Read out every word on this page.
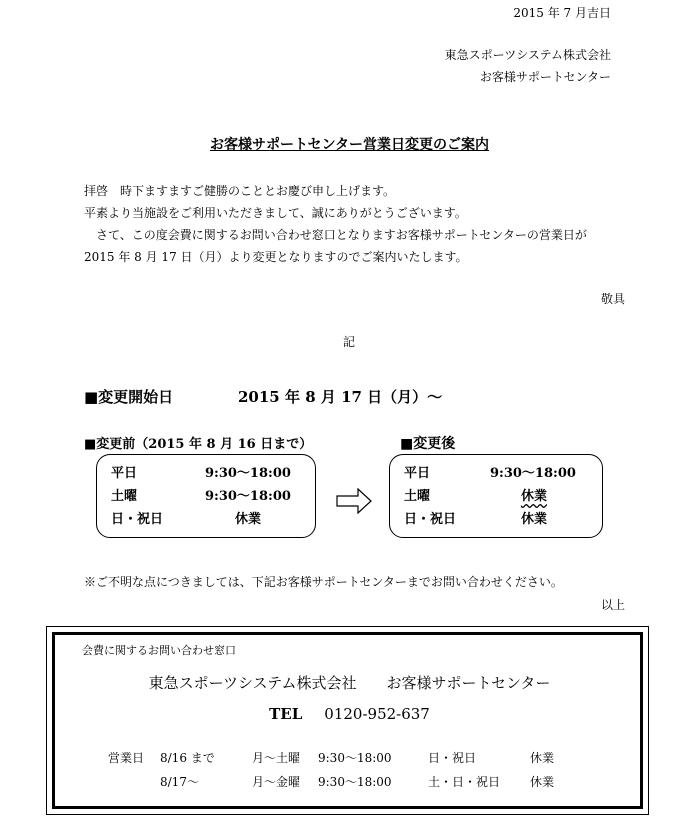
2015 年 7 月吉日
東急スポーツシステム株式会社
お客様サポートセンター
お客様サポートセンター営業日変更のご案内
拝啓　時下ますますご健勝のこととお慶び申し上げます。
平素より当施設をご利用いただきまして、誠にありがとうございます。
　さて、この度会費に関するお問い合わせ窓口となりますお客様サポートセンターの営業日が
2015 年 8 月 17 日（月）より変更となりますのでご案内いたします。
敬具
記
■変更開始日	2015 年 8 月 17 日（月）～
■変更前（2015 年 8 月 16 日まで）	■変更後
平日	9:30～18:00
土曜	9:30～18:00
日・祝日	休業
平日	9:30～18:00
土曜	休業
日・祝日	休業
※ご不明な点につきましては、下記お客様サポートセンターまでお問い合わせください。
以上
会費に関するお問い合わせ窓口
東急スポーツシステム株式会社　　お客様サポートセンター
TEL 0120-952-637
営業日 8/16 まで	月～土曜 9:30～18:00	日・祝日	休業
8/17～	月～金曜 9:30～18:00	土・日・祝日 休業
